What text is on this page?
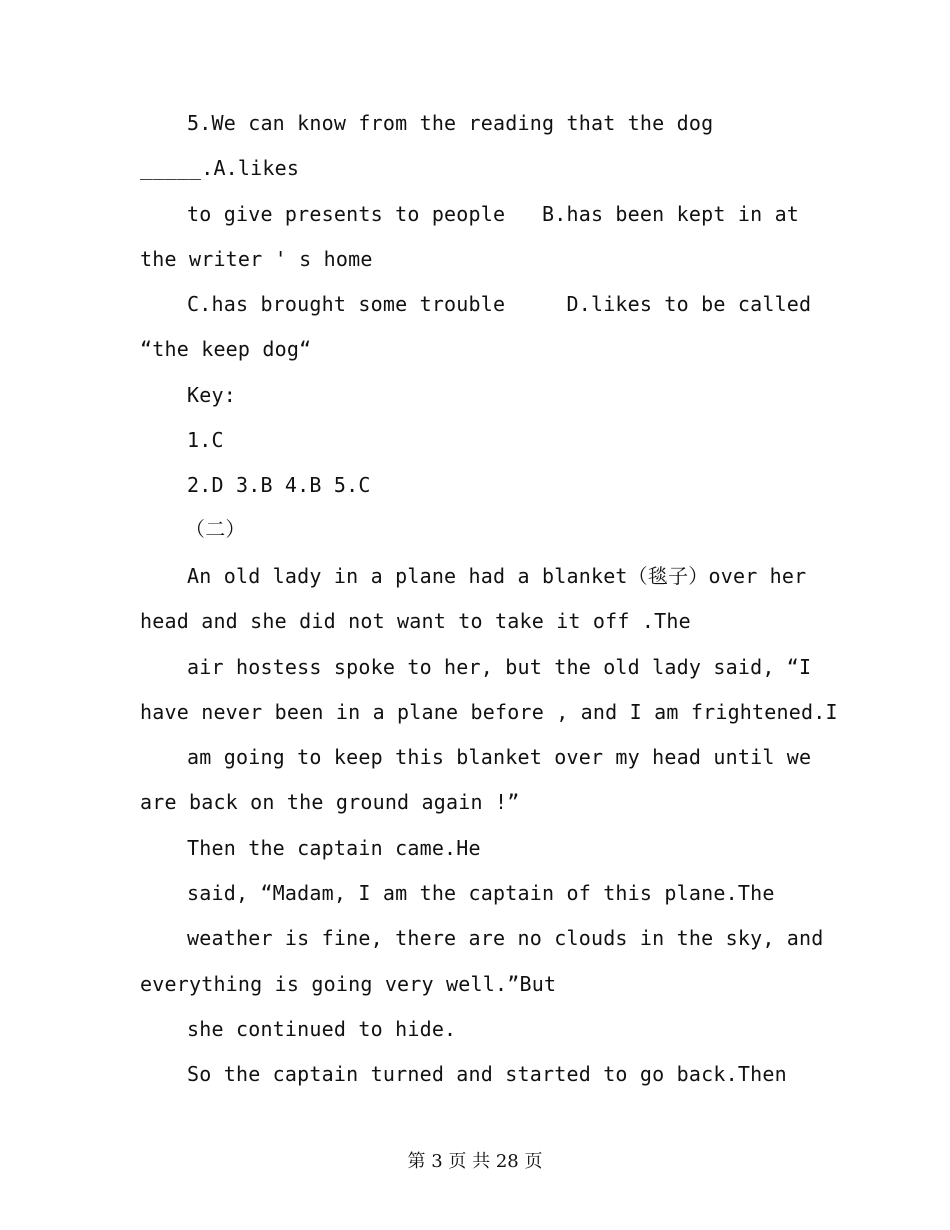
5.We can know from the reading that the dog
_____.A.likes
to give presents to people   B.has been kept in at
the writer ' s home
C.has brought some trouble     D.likes to be called
“the keep dog“
Key:
1.C
2.D 3.B 4.B 5.C
（二）
An old lady in a plane had a blanket（毯子）over her
head and she did not want to take it off .The
air hostess spoke to her, but the old lady said, “I
have never been in a plane before , and I am frightened.I
am going to keep this blanket over my head until we
are back on the ground again !”
Then the captain came.He
said, “Madam, I am the captain of this plane.The
weather is fine, there are no clouds in the sky, and
everything is going very well.”But
she continued to hide.
So the captain turned and started to go back.Then
第 3 页 共 28 页
